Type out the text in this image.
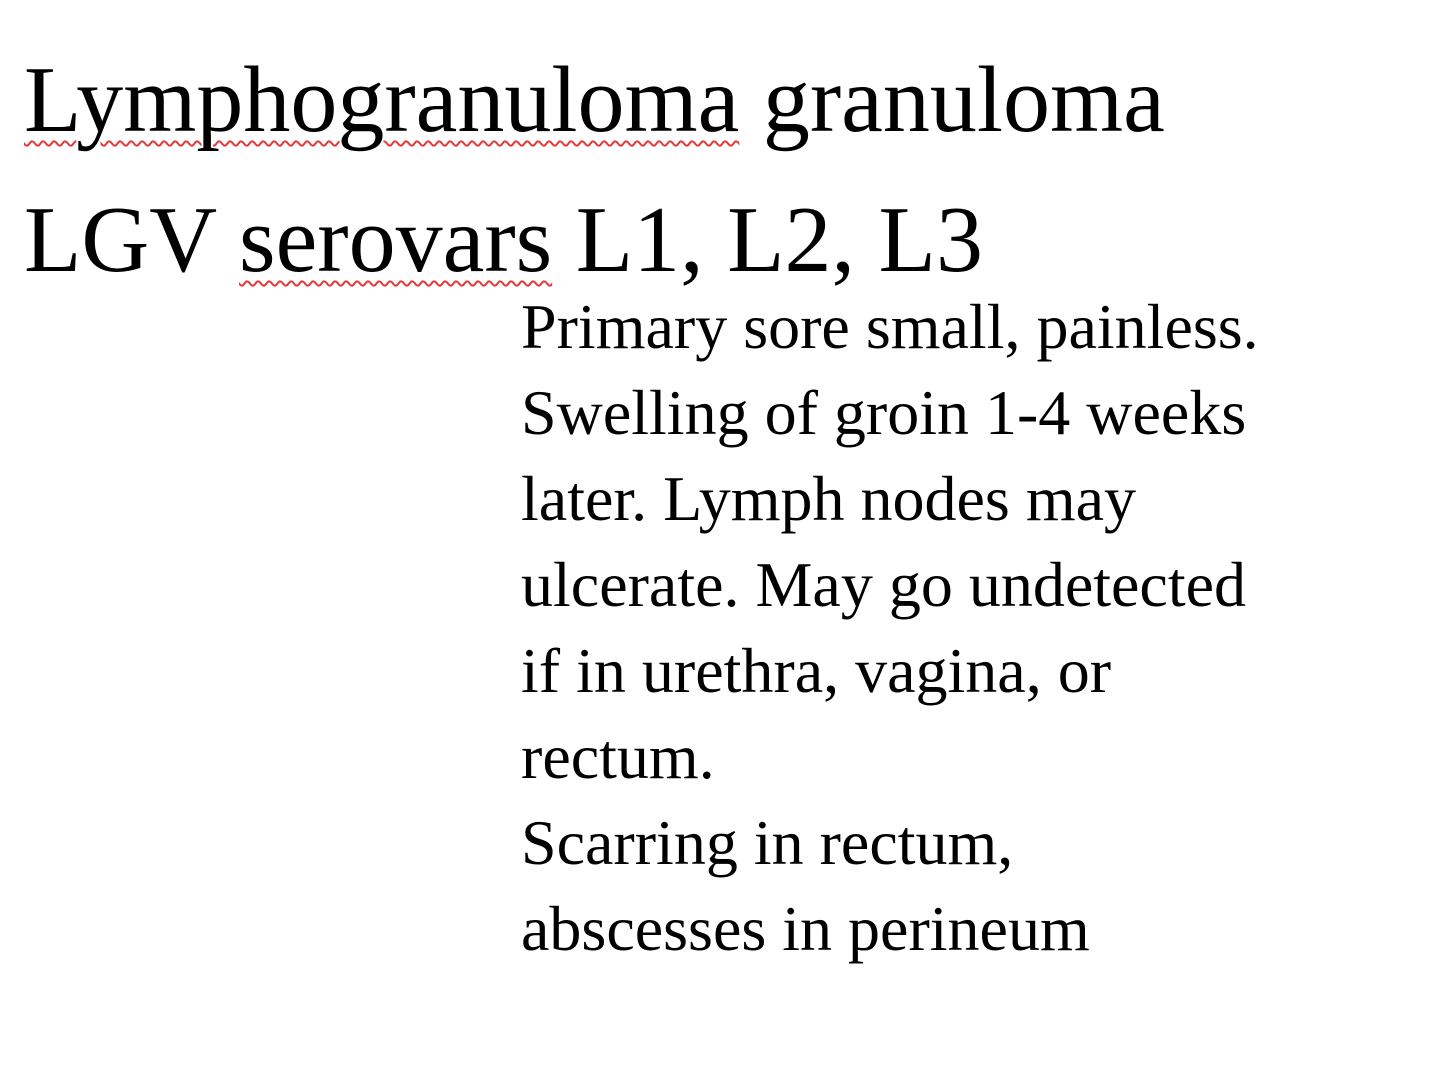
Lymphogranuloma granuloma
LGV serovars L1, L2, L3
Primary sore small, painless.
Swelling of groin 1-4 weeks
later. Lymph nodes may
ulcerate. May go undetected
if in urethra, vagina, or
rectum.
Scarring in rectum,
abscesses in perineum
